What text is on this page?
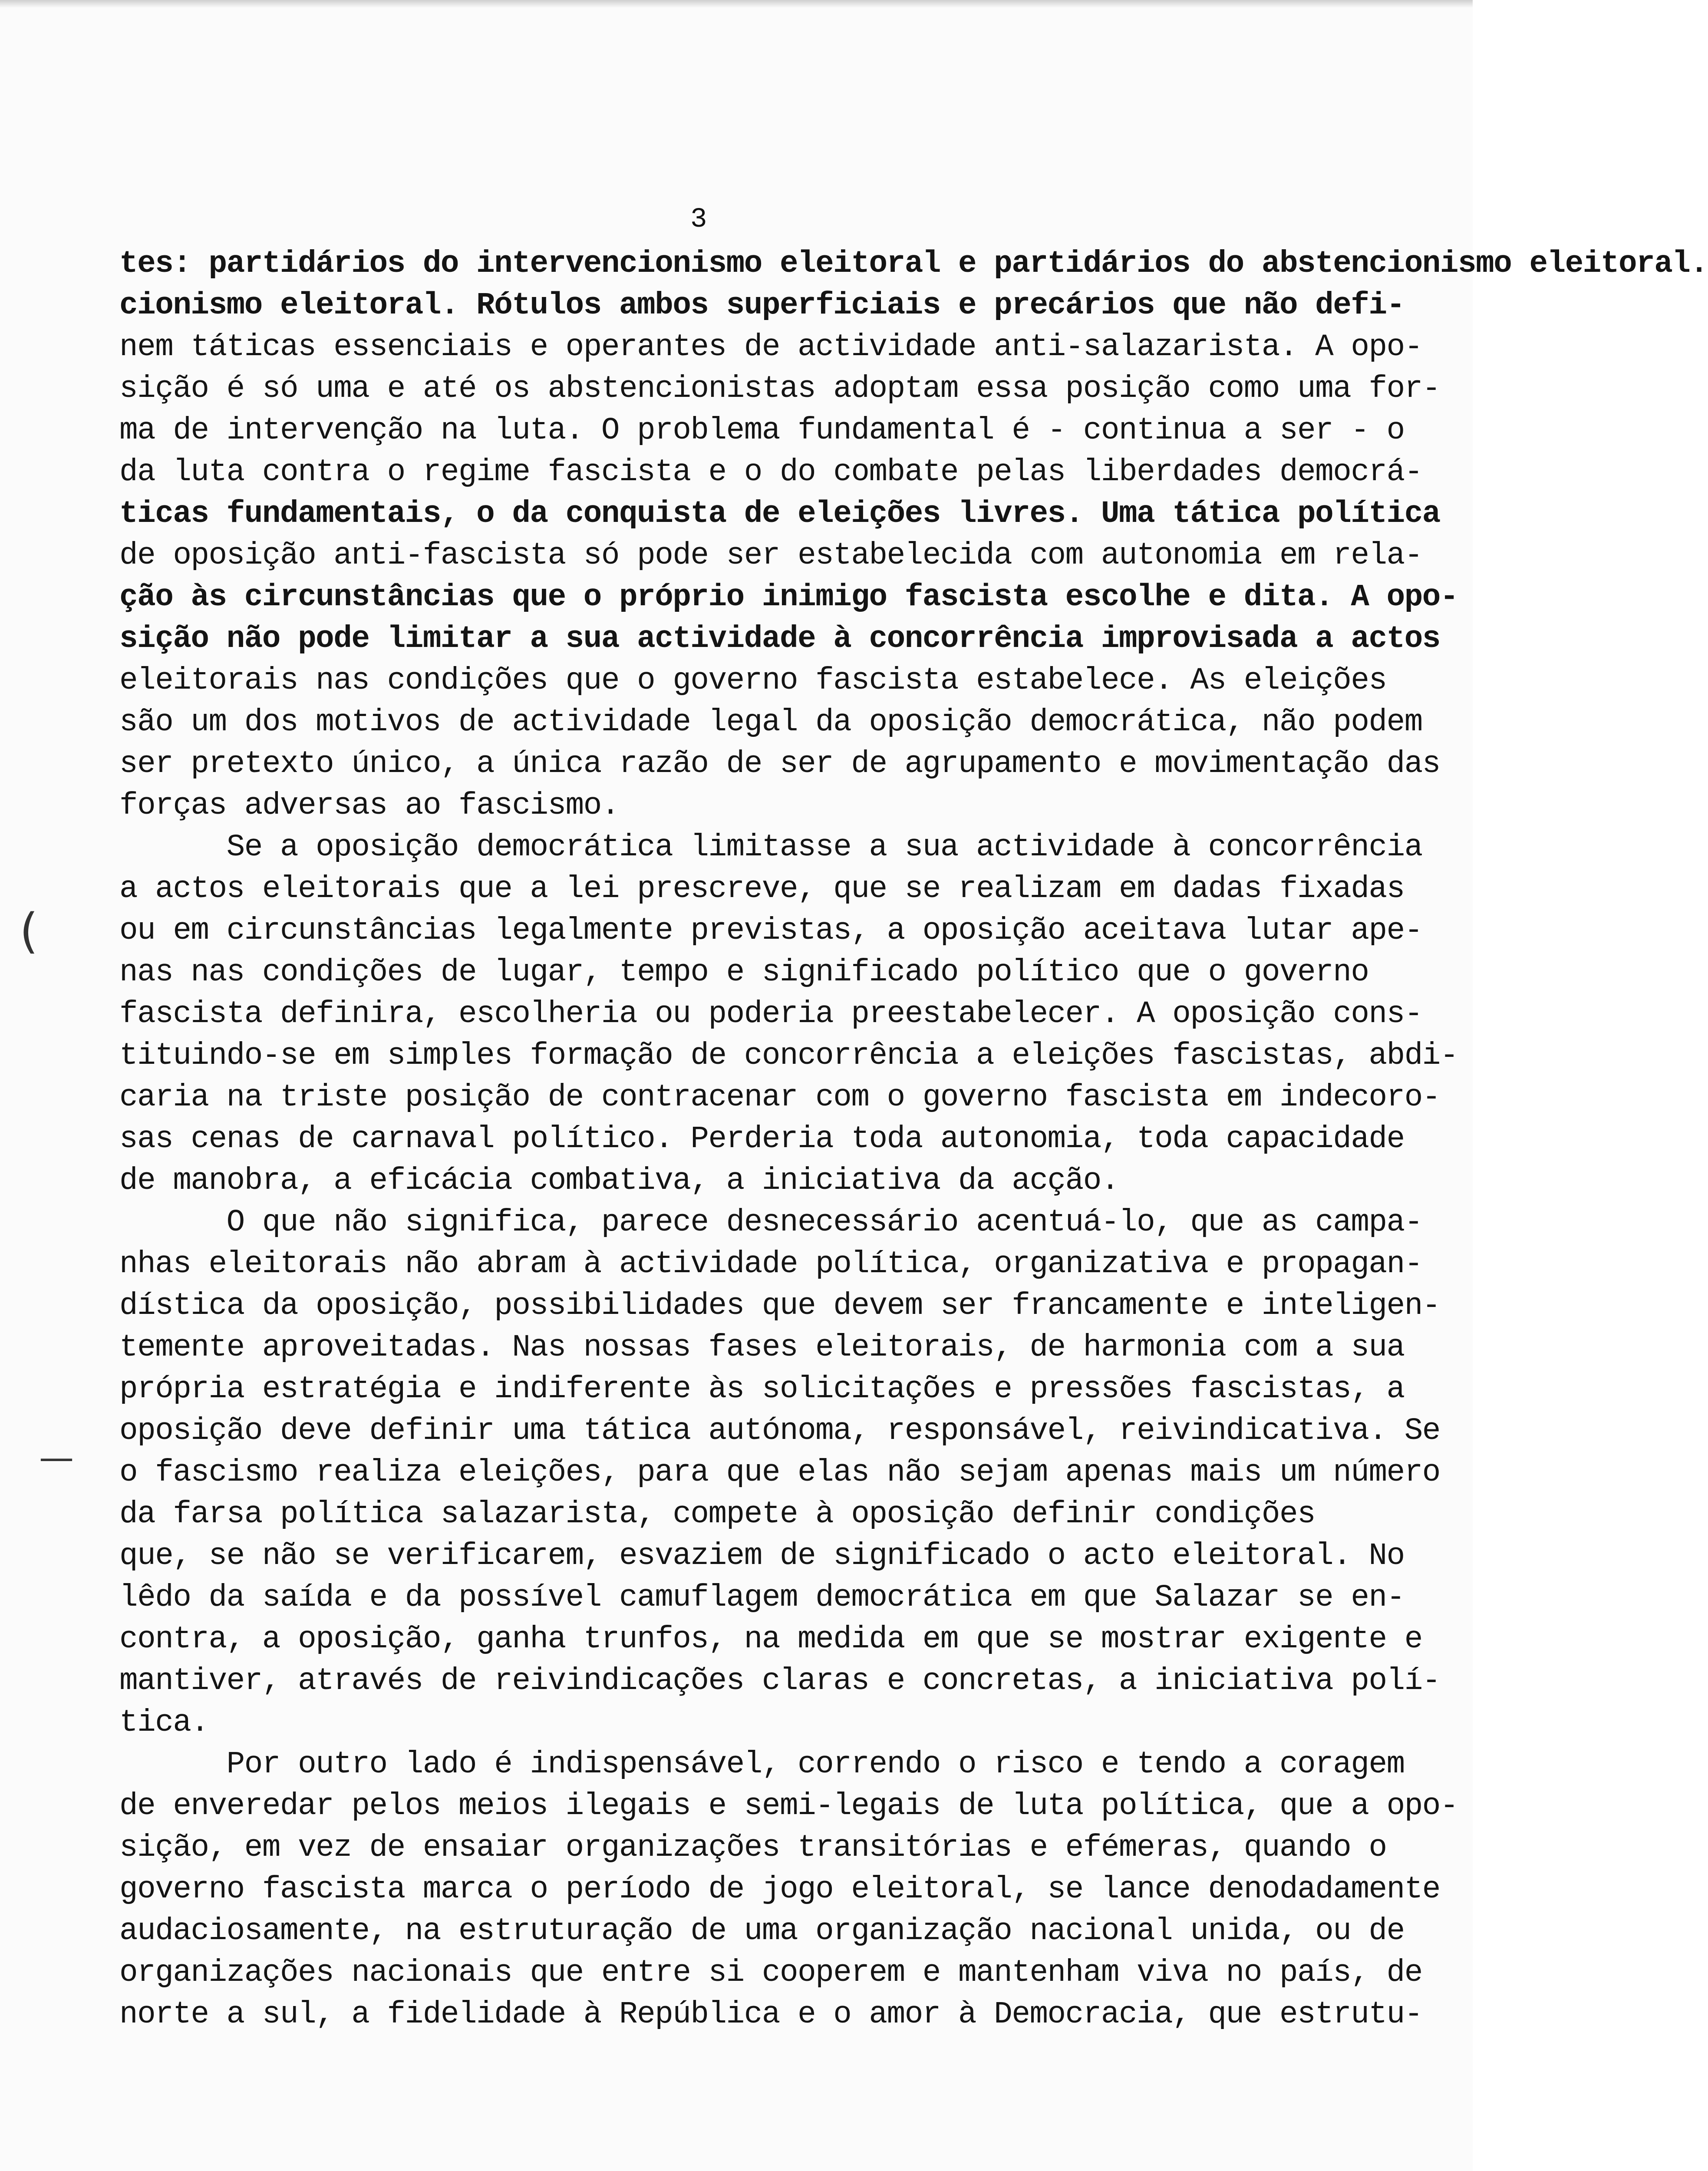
3
(
—
tes: partidários do intervencionismo eleitoral e partidários do abstencionismo eleitoral.
cionismo eleitoral. Rótulos ambos superficiais e precários que não defi-
nem táticas essenciais e operantes de actividade anti-salazarista. A opo-
sição é só uma e até os abstencionistas adoptam essa posição como uma for-
ma de intervenção na luta. O problema fundamental é - continua a ser - o
da luta contra o regime fascista e o do combate pelas liberdades democrá-
ticas fundamentais, o da conquista de eleições livres. Uma tática política
de oposição anti-fascista só pode ser estabelecida com autonomia em rela-
ção às circunstâncias que o próprio inimigo fascista escolhe e dita. A opo-
sição não pode limitar a sua actividade à concorrência improvisada a actos
eleitorais nas condições que o governo fascista estabelece. As eleições
são um dos motivos de actividade legal da oposição democrática, não podem
ser pretexto único, a única razão de ser de agrupamento e movimentação das
forças adversas ao fascismo.
Se a oposição democrática limitasse a sua actividade à concorrência
a actos eleitorais que a lei prescreve, que se realizam em dadas fixadas
ou em circunstâncias legalmente previstas, a oposição aceitava lutar ape-
nas nas condições de lugar, tempo e significado político que o governo
fascista definira, escolheria ou poderia preestabelecer. A oposição cons-
tituindo-se em simples formação de concorrência a eleições fascistas, abdi-
caria na triste posição de contracenar com o governo fascista em indecoro-
sas cenas de carnaval político. Perderia toda autonomia, toda capacidade
de manobra, a eficácia combativa, a iniciativa da acção.
O que não significa, parece desnecessário acentuá-lo, que as campa-
nhas eleitorais não abram à actividade política, organizativa e propagan-
dística da oposição, possibilidades que devem ser francamente e inteligen-
temente aproveitadas. Nas nossas fases eleitorais, de harmonia com a sua
própria estratégia e indiferente às solicitações e pressões fascistas, a
oposição deve definir uma tática autónoma, responsável, reivindicativa. Se
o fascismo realiza eleições, para que elas não sejam apenas mais um número
da farsa política salazarista, compete à oposição definir condições
que, se não se verificarem, esvaziem de significado o acto eleitoral. No
lêdo da saída e da possível camuflagem democrática em que Salazar se en-
contra, a oposição, ganha trunfos, na medida em que se mostrar exigente e
mantiver, através de reivindicações claras e concretas, a iniciativa polí-
tica.
Por outro lado é indispensável, correndo o risco e tendo a coragem
de enveredar pelos meios ilegais e semi-legais de luta política, que a opo-
sição, em vez de ensaiar organizações transitórias e efémeras, quando o
governo fascista marca o período de jogo eleitoral, se lance denodadamente
audaciosamente, na estruturação de uma organização nacional unida, ou de
organizações nacionais que entre si cooperem e mantenham viva no país, de
norte a sul, a fidelidade à República e o amor à Democracia, que estrutu-
